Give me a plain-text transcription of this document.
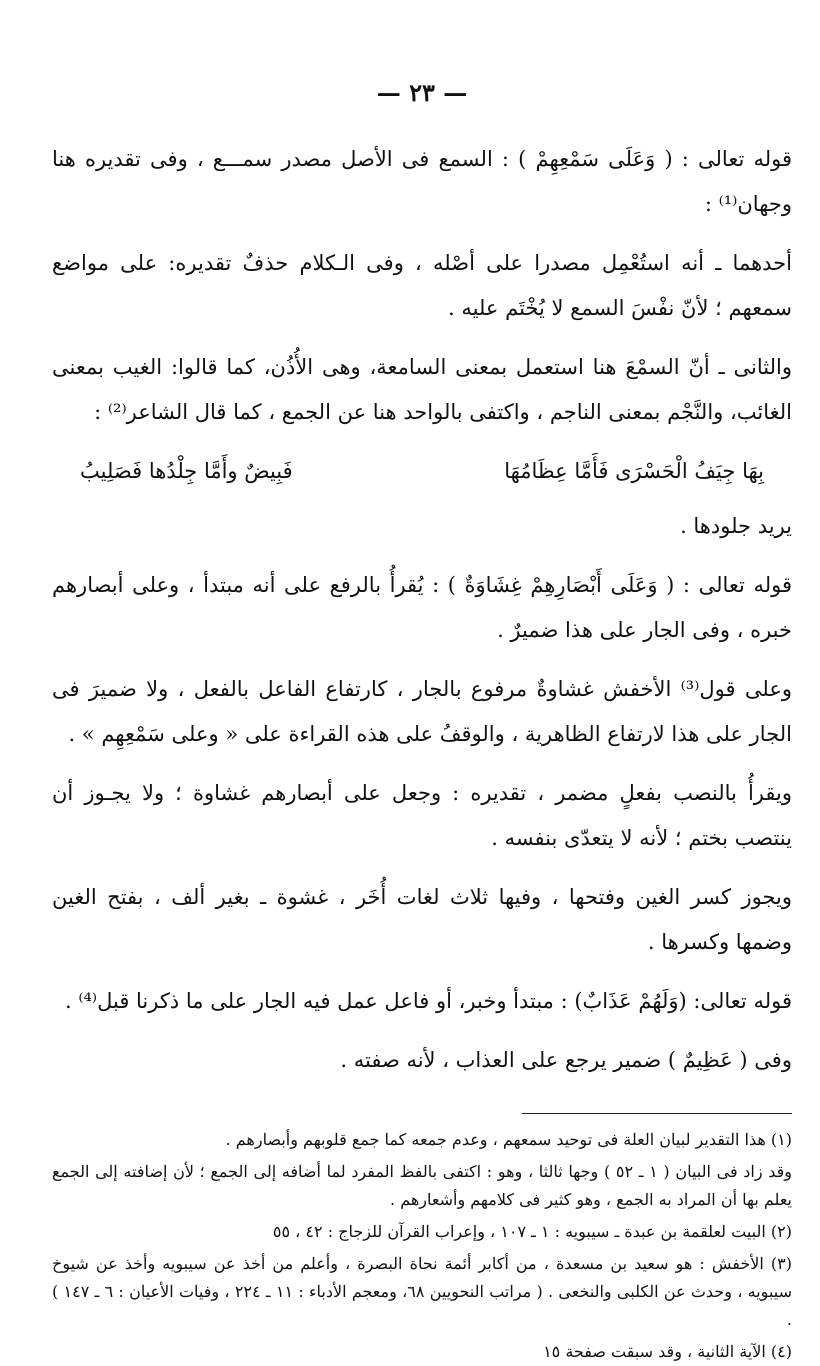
— ٢٣ —

قوله تعالى : ( وَعَلَى سَمْعِهِمْ ) : السمع فى الأصل مصدر سمـــع ، وفى تقديره هنا وجهان⁽¹⁾ :

أحدهما ـ أنه استُعْمِل مصدرا على أصْله ، وفى الـكلام حذفٌ تقديره: على مواضع سمعهم ؛ لأنّ نفْسَ السمع لا يُخْتَم عليه .

والثانى ـ أنّ السمْعَ هنا استعمل بمعنى السامعة، وهى الأُذُن، كما قالوا: الغيب بمعنى الغائب، والنَّجْم بمعنى الناجم ، واكتفى بالواحد هنا عن الجمع ، كما قال الشاعر⁽²⁾ :

بِهَا جِيَفُ الْحَسْرَى فَأَمَّا عِظَامُهَا
فَبِيضٌ وأَمَّا جِلْدُها فَصَلِيبُ

يريد جلودها .

قوله تعالى : ( وَعَلَى أَبْصَارِهِمْ غِشَاوَةٌ ) : يُقرأُ بالرفع على أنه مبتدأ ، وعلى أبصارهم خبره ، وفى الجار على هذا ضميرٌ .

وعلى قول⁽³⁾ الأخفش غشاوةٌ مرفوع بالجار ، كارتفاع الفاعل بالفعل ، ولا ضميرَ فى الجار على هذا لارتفاع الظاهرية ، والوقفُ على هذه القراءة على « وعلى سَمْعِهِم » .

ويقرأُ بالنصب بفعلٍ مضمر ، تقديره : وجعل على أبصارهم غشاوة ؛ ولا يجـوز أن ينتصب بختم ؛ لأنه لا يتعدّى بنفسه .

ويجوز كسر الغين وفتحها ، وفيها ثلاث لغات أُخَر ، غشوة ـ بغير ألف ، بفتح الغين وضمها وكسرها .

قوله تعالى: (وَلَهُمْ عَذَابٌ) : مبتدأ وخبر، أو فاعل عمل فيه الجار على ما ذكرنا قبل⁽⁴⁾ .

وفى ( عَظِيمٌ ) ضمير يرجع على العذاب ، لأنه صفته .

(١) هذا التقدير لبيان العلة فى توحيد سمعهم ، وعدم جمعه كما جمع قلوبهم وأبصارهم .

وقد زاد فى البيان ( ١ ـ ٥٢ ) وجها ثالثا ، وهو : اكتفى بالفظ المفرد لما أضافه إلى الجمع ؛ لأن إضافته إلى الجمع يعلم بها أن المراد به الجمع ، وهو كثير فى كلامهم وأشعارهم .

(٢) البيت لعلقمة بن عبدة ـ سيبويه : ١ ـ ١٠٧ ، وإعراب القرآن للزجاج : ٤٢ ، ٥٥

(٣) الأخفش : هو سعيد بن مسعدة ، من أكابر أئمة نحاة البصرة ، وأعلم من أخذ عن سيبويه وأخذ عن شيوخ سيبويه ، وحدث عن الكلبى والنخعى . ( مراتب النحويين ٦٨، ومعجم الأدباء : ١١ ـ ٢٢٤ ، وفيات الأعيان : ٦ ـ ١٤٧ ) .

(٤) الآية الثانية ، وقد سبقت صفحة ١٥
